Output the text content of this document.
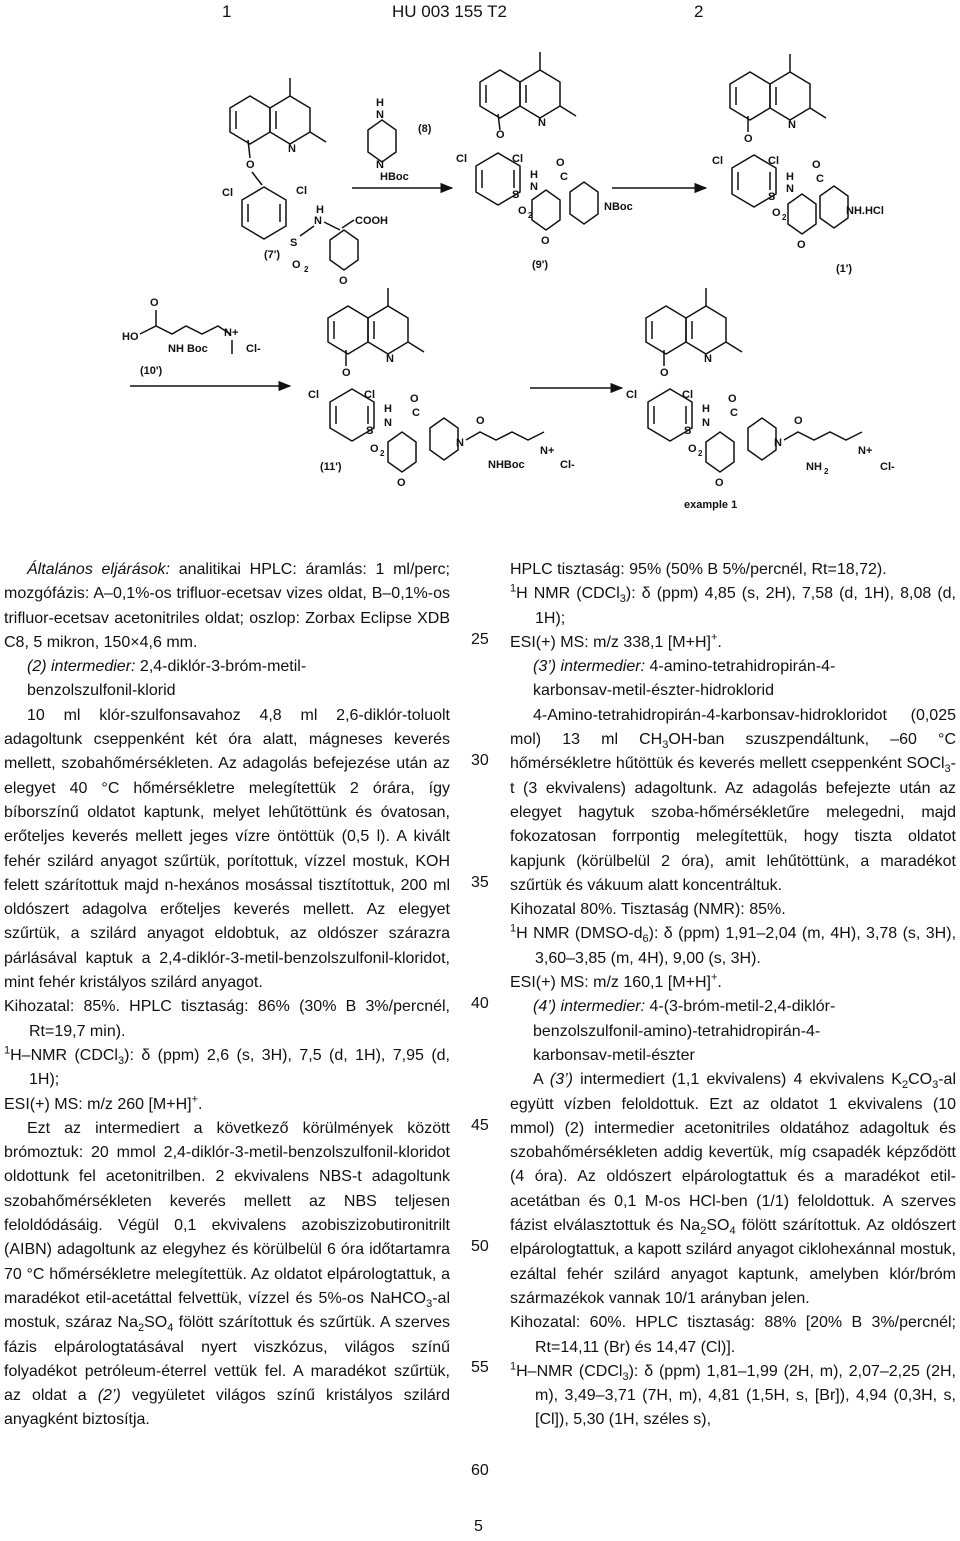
1	HU 003 155 T2	2
N
O
O
Cl	Cl
S
O 2
N
H
COOH
(7')
H
N
N
HBoc
(8)	O
Cl	Cl
S
O 2
N
H C
O
NBoc
(9')
O
Cl	Cl
S
O 2
N
H C
O
NH.HCl
(1')
HO
O
NH Boc
N+
Cl-
(10')	O
Cl	Cl
S
O 2
N
H C
O
N
O
NHBoc
N+
Cl-
(11')
O
Cl	Cl
S
O 2
N
H C
O
N
O
NH 2
N+
Cl-
example 1

Általános eljárások: analitikai HPLC: áramlás: 1 ml/perc; mozgófázis: A–0,1%-os trifluor-ecetsav vizes oldat, B–0,1%-os trifluor-ecetsav acetonitriles oldat; oszlop: Zorbax Eclipse XDB C8, 5 mikron, 150×4,6 mm.

(2) intermedier: 2,4-diklór-3-bróm-metil-

benzolszulfonil-klorid

10 ml klór-szulfonsavahoz 4,8 ml 2,6-diklór-toluolt adagoltunk cseppenként két óra alatt, mágneses keverés mellett, szobahőmérsékleten. Az adagolás befejezése után az elegyet 40 °C hőmérsékletre melegítettük 2 órára, így bíborszínű oldatot kaptunk, melyet lehűtöttünk és óvatosan, erőteljes keverés mellett jeges vízre öntöttük (0,5 l). A kivált fehér szilárd anyagot szűrtük, porítottuk, vízzel mostuk, KOH felett szárítottuk majd n-hexános mosással tisztítottuk, 200 ml oldószert adagolva erőteljes keverés mellett. Az elegyet szűrtük, a szilárd anyagot eldobtuk, az oldószer szárazra párlásával kaptuk a 2,4-diklór-3-metil-benzolszulfonil-kloridot, mint fehér kristályos szilárd anyagot.

Kihozatal: 85%. HPLC tisztaság: 86% (30% B 3%/percnél, Rt=19,7 min).

$^1$H–NMR (CDCl$_3$): δ (ppm) 2,6 (s, 3H), 7,5 (d, 1H), 7,95 (d, 1H);

ESI(+) MS: m/z 260 [M+H]+.

Ezt az intermediert a következő körülmények között brómoztuk: 20 mmol 2,4-diklór-3-metil-benzolszulfonil-kloridot oldottunk fel acetonitrilben. 2 ekvivalens NBS-t adagoltunk szobahőmérsékleten keverés mellett az NBS teljesen feloldódásáig. Végül 0,1 ekvivalens azobiszizobutironitrilt (AIBN) adagoltunk az elegyhez és körülbelül 6 óra időtartamra 70 °C hőmérsékletre melegítettük. Az oldatot elpárologtattuk, a maradékot etil-acetáttal felvettük, vízzel és 5%-os NaHCO$_3$-al mostuk, száraz $Na_2SO_4$ fölött szárítottuk és szűrtük. A szerves fázis elpárologtatásával nyert viszkózus, világos színű folyadékot petróleum-éterrel vettük fel. A maradékot szűrtük, az oldat a (2’) vegyületet világos színű kristályos szilárd anyagként biztosítja.

25
30
35
40
45
50
55
60

HPLC tisztaság: 95% (50% B 5%/percnél, Rt=18,72).

$^1$H NMR (CDCl$_3$): δ (ppm) 4,85 (s, 2H), 7,58 (d, 1H), 8,08 (d, 1H);

ESI(+) MS: m/z 338,1 [M+H]+.

(3’) intermedier: 4-amino-tetrahidropirán-4-

karbonsav-metil-észter-hidroklorid

4-Amino-tetrahidropirán-4-karbonsav-hidrokloridot (0,025 mol) 13 ml $CH_3OH$-ban szuszpendáltunk, –60 °C hőmérsékletre hűtöttük és keverés mellett cseppenként SOCl$_3$-t (3 ekvivalens) adagoltunk. Az adagolás befejezte után az elegyet hagytuk szoba-hőmérsékletűre melegedni, majd fokozatosan forrpontig melegítettük, hogy tiszta oldatot kapjunk (körülbelül 2 óra), amit lehűtöttünk, a maradékot szűrtük és vákuum alatt koncentráltuk.

Kihozatal 80%. Tisztaság (NMR): 85%.

$^1$H NMR $(DMSO-d_6)$: δ (ppm) 1,91–2,04 (m, 4H), 3,78 (s, 3H), 3,60–3,85 (m, 4H), 9,00 (s, 3H).

ESI(+) MS: m/z 160,1 [M+H]+.

(4’) intermedier: 4-(3-bróm-metil-2,4-diklór-

benzolszulfonil-amino)-tetrahidropirán-4-

karbonsav-metil-észter

A (3’) intermediert (1,1 ekvivalens) 4 ekvivalens $K_2CO_3-al$ együtt vízben feloldottuk. Ezt az oldatot 1 ekvivalens (10 mmol) (2) intermedier acetonitriles oldatához adagoltuk és szobahőmérsékleten addig kevertük, míg csapadék képződött (4 óra). Az oldószert elpárologtattuk és a maradékot etil-acetátban és 0,1 M-os HCl-ben (1/1) feloldottuk. A szerves fázist elválasztottuk és $Na_2SO_4$ fölött szárítottuk. Az oldószert elpárologtattuk, a kapott szilárd anyagot ciklohexánnal mostuk, ezáltal fehér szilárd anyagot kaptunk, amelyben klór/bróm származékok vannak 10/1 arányban jelen.

Kihozatal: 60%. HPLC tisztaság: 88% [20% B 3%/percnél; Rt=14,11 (Br) és 14,47 (Cl)].

$^1$H–NMR (CDCl$_3$): δ (ppm) 1,81–1,99 (2H, m), 2,07–2,25 (2H, m), 3,49–3,71 (7H, m), 4,81 (1,5H, s, [Br]), 4,94 (0,3H, s, [Cl]), 5,30 (1H, széles s),

5
